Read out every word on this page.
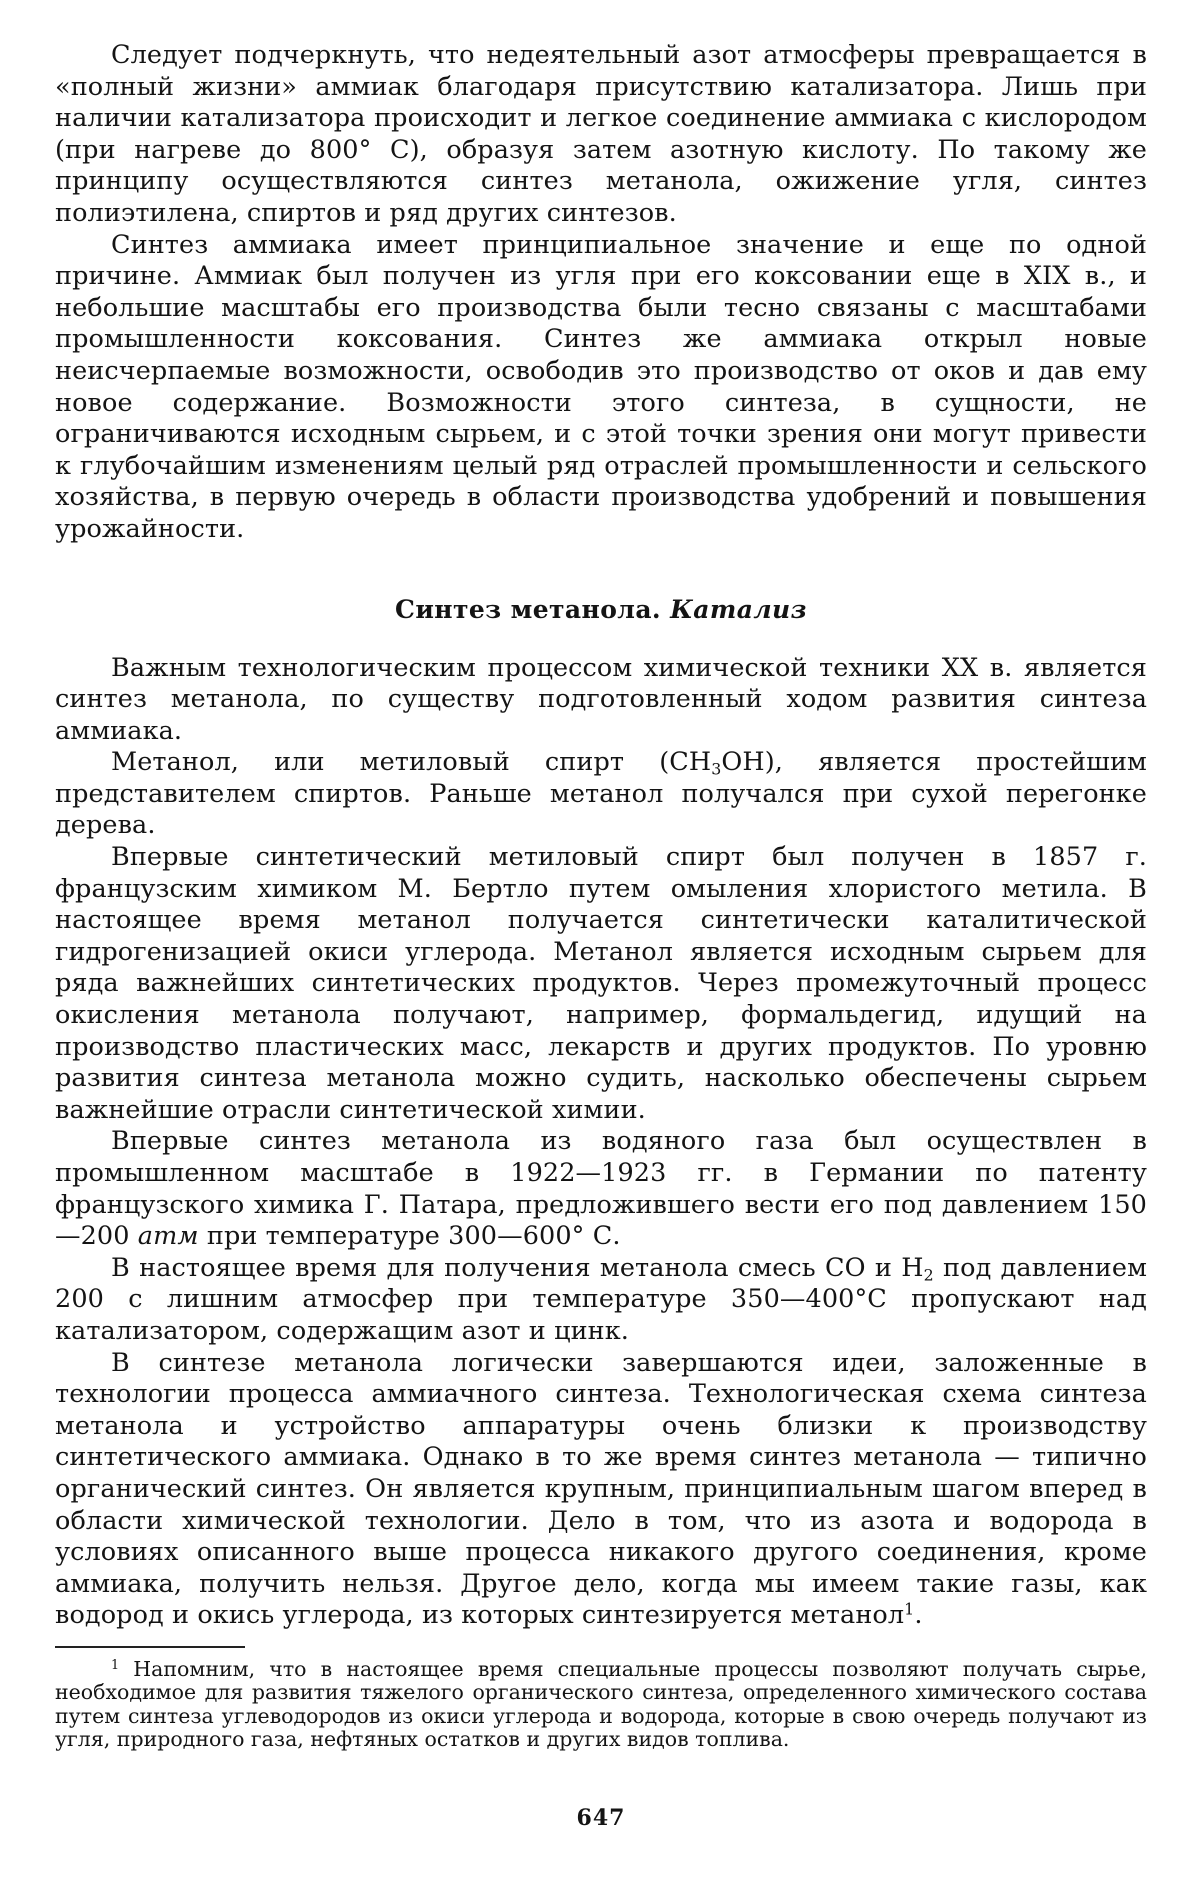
Следует подчеркнуть, что недеятельный азот атмосферы превращается в «полный жизни» аммиак благодаря присутствию катализатора. Лишь при наличии катализатора происходит и легкое соединение аммиака с кислородом (при нагреве до 800° С), образуя затем азотную кислоту. По такому же принципу осуществляются синтез метанола, ожижение угля, синтез полиэтилена, спиртов и ряд других синтезов.

Синтез аммиака имеет принципиальное значение и еще по одной причине. Аммиак был получен из угля при его коксовании еще в XIX в., и небольшие масштабы его производства были тесно связаны с масштабами промышленности коксования. Синтез же аммиака открыл новые неисчерпаемые возможности, освободив это производство от оков и дав ему новое содержание. Возможности этого синтеза, в сущности, не ограничиваются исходным сырьем, и с этой точки зрения они могут привести к глубочайшим изменениям целый ряд отраслей промышленности и сельского хозяйства, в первую очередь в области производства удобрений и повышения урожайности.

Синтез метанола. Катализ

Важным технологическим процессом химической техники XX в. является синтез метанола, по существу подготовленный ходом развития синтеза аммиака.

Метанол, или метиловый спирт $(CH_3OH)$, является простейшим представителем спиртов. Раньше метанол получался при сухой перегонке дерева.

Впервые синтетический метиловый спирт был получен в 1857 г. французским химиком М. Бертло путем омыления хлористого метила. В настоящее время метанол получается синтетически каталитической гидрогенизацией окиси углерода. Метанол является исходным сырьем для ряда важнейших синтетических продуктов. Через промежуточный процесс окисления метанола получают, например, формальдегид, идущий на производство пластических масс, лекарств и других продуктов. По уровню развития синтеза метанола можно судить, насколько обеспечены сырьем важнейшие отрасли синтетической химии.

Впервые синтез метанола из водяного газа был осуществлен в промышленном масштабе в 1922—1923 гг. в Германии по патенту французского химика Г. Патара, предложившего вести его под давлением 150—200 атм при температуре 300—600° С.

В настоящее время для получения метанола смесь CO и $H_2$ под давлением 200 с лишним атмосфер при температуре 350—400°С пропускают над катализатором, содержащим азот и цинк.

В синтезе метанола логически завершаются идеи, заложенные в технологии процесса аммиачного синтеза. Технологическая схема синтеза метанола и устройство аппаратуры очень близки к производству синтетического аммиака. Однако в то же время синтез метанола — типично органический синтез. Он является крупным, принципиальным шагом вперед в области химической технологии. Дело в том, что из азота и водорода в условиях описанного выше процесса никакого другого соединения, кроме аммиака, получить нельзя. Другое дело, когда мы имеем такие газы, как водород и окись углерода, из которых синтезируется метанол$^1$.

$^1$ Напомним, что в настоящее время специальные процессы позволяют получать сырье, необходимое для развития тяжелого органического синтеза, определенного химического состава путем синтеза углеводородов из окиси углерода и водорода, которые в свою очередь получают из угля, природного газа, нефтяных остатков и других видов топлива.

647
